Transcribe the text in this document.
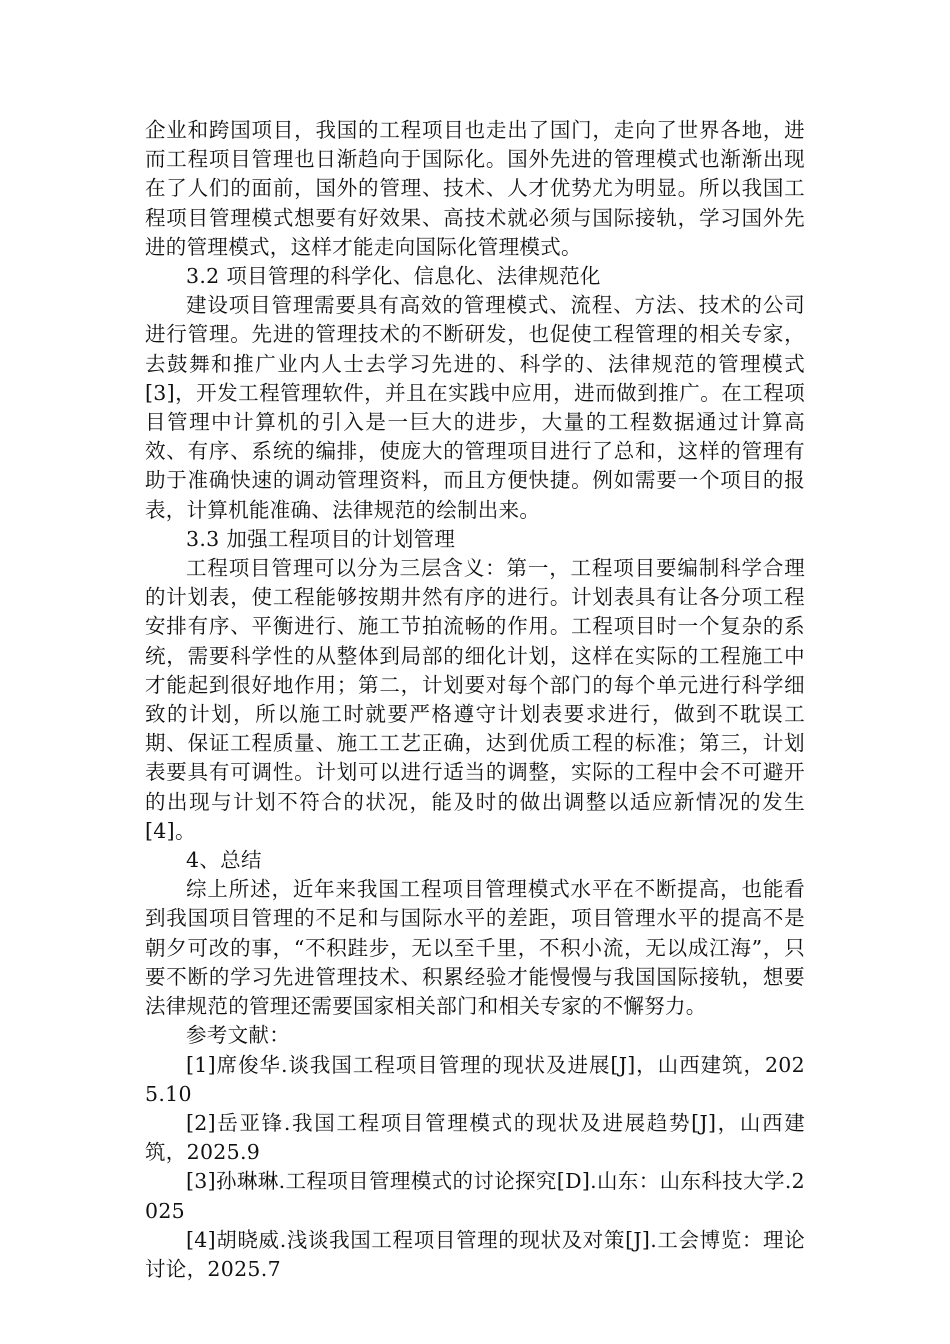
企业和跨国项目，我国的工程项目也走出了国门，走向了世界各地，进而工程项目管理也日渐趋向于国际化。国外先进的管理模式也渐渐出现在了人们的面前，国外的管理、技术、人才优势尤为明显。所以我国工程项目管理模式想要有好效果、高技术就必须与国际接轨，学习国外先进的管理模式，这样才能走向国际化管理模式。

3.2 项目管理的科学化、信息化、法律规范化

建设项目管理需要具有高效的管理模式、流程、方法、技术的公司进行管理。先进的管理技术的不断研发，也促使工程管理的相关专家，去鼓舞和推广业内人士去学习先进的、科学的、法律规范的管理模式[3]，开发工程管理软件，并且在实践中应用，进而做到推广。在工程项目管理中计算机的引入是一巨大的进步，大量的工程数据通过计算高效、有序、系统的编排，使庞大的管理项目进行了总和，这样的管理有助于准确快速的调动管理资料，而且方便快捷。例如需要一个项目的报表，计算机能准确、法律规范的绘制出来。

3.3 加强工程项目的计划管理

工程项目管理可以分为三层含义：第一，工程项目要编制科学合理的计划表，使工程能够按期井然有序的进行。计划表具有让各分项工程安排有序、平衡进行、施工节拍流畅的作用。工程项目时一个复杂的系统，需要科学性的从整体到局部的细化计划，这样在实际的工程施工中才能起到很好地作用；第二，计划要对每个部门的每个单元进行科学细致的计划，所以施工时就要严格遵守计划表要求进行，做到不耽误工期、保证工程质量、施工工艺正确，达到优质工程的标准；第三，计划表要具有可调性。计划可以进行适当的调整，实际的工程中会不可避开的出现与计划不符合的状况，能及时的做出调整以适应新情况的发生[4]。

4、总结

综上所述，近年来我国工程项目管理模式水平在不断提高，也能看到我国项目管理的不足和与国际水平的差距，项目管理水平的提高不是朝夕可改的事，“不积跬步，无以至千里，不积小流，无以成江海”，只要不断的学习先进管理技术、积累经验才能慢慢与我国国际接轨，想要法律规范的管理还需要国家相关部门和相关专家的不懈努力。

参考文献：

[1]席俊华.谈我国工程项目管理的现状及进展[J]，山西建筑，2025.10

[2]岳亚锋.我国工程项目管理模式的现状及进展趋势[J]，山西建筑，2025.9

[3]孙琳琳.工程项目管理模式的讨论探究[D].山东：山东科技大学.2025

[4]胡晓威.浅谈我国工程项目管理的现状及对策[J].工会博览：理论讨论，2025.7
